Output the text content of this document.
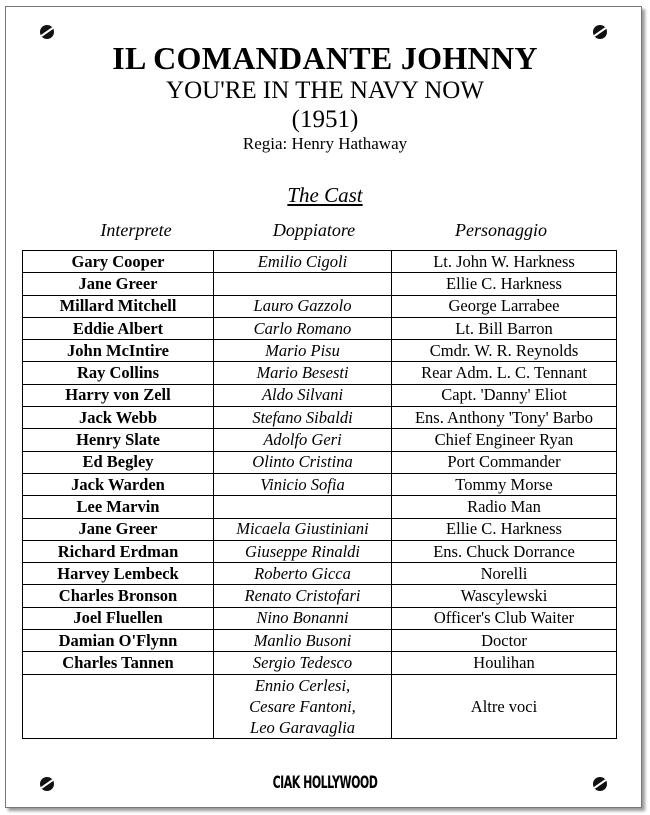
IL COMANDANTE JOHNNY
YOU'RE IN THE NAVY NOW
(1951)
Regia: Henry Hathaway
The Cast
Interprete	Doppiatore	Personaggio
Gary Cooper	Emilio Cigoli	Lt. John W. Harkness
Jane Greer		Ellie C. Harkness
Millard Mitchell	Lauro Gazzolo	George Larrabee
Eddie Albert	Carlo Romano	Lt. Bill Barron
John McIntire	Mario Pisu	Cmdr. W. R. Reynolds
Ray Collins	Mario Besesti	Rear Adm. L. C. Tennant
Harry von Zell	Aldo Silvani	Capt. 'Danny' Eliot
Jack Webb	Stefano Sibaldi	Ens. Anthony 'Tony' Barbo
Henry Slate	Adolfo Geri	Chief Engineer Ryan
Ed Begley	Olinto Cristina	Port Commander
Jack Warden	Vinicio Sofia	Tommy Morse
Lee Marvin		Radio Man
Jane Greer	Micaela Giustiniani	Ellie C. Harkness
Richard Erdman	Giuseppe Rinaldi	Ens. Chuck Dorrance
Harvey Lembeck	Roberto Gicca	Norelli
Charles Bronson	Renato Cristofari	Wascylewski
Joel Fluellen	Nino Bonanni	Officer's Club Waiter
Damian O'Flynn	Manlio Busoni	Doctor
Charles Tannen	Sergio Tedesco	Houlihan

	Ennio Cerlesi,
Cesare Fantoni,
Leo Garavaglia	Altre voci
CIAK HOLLYWOOD
